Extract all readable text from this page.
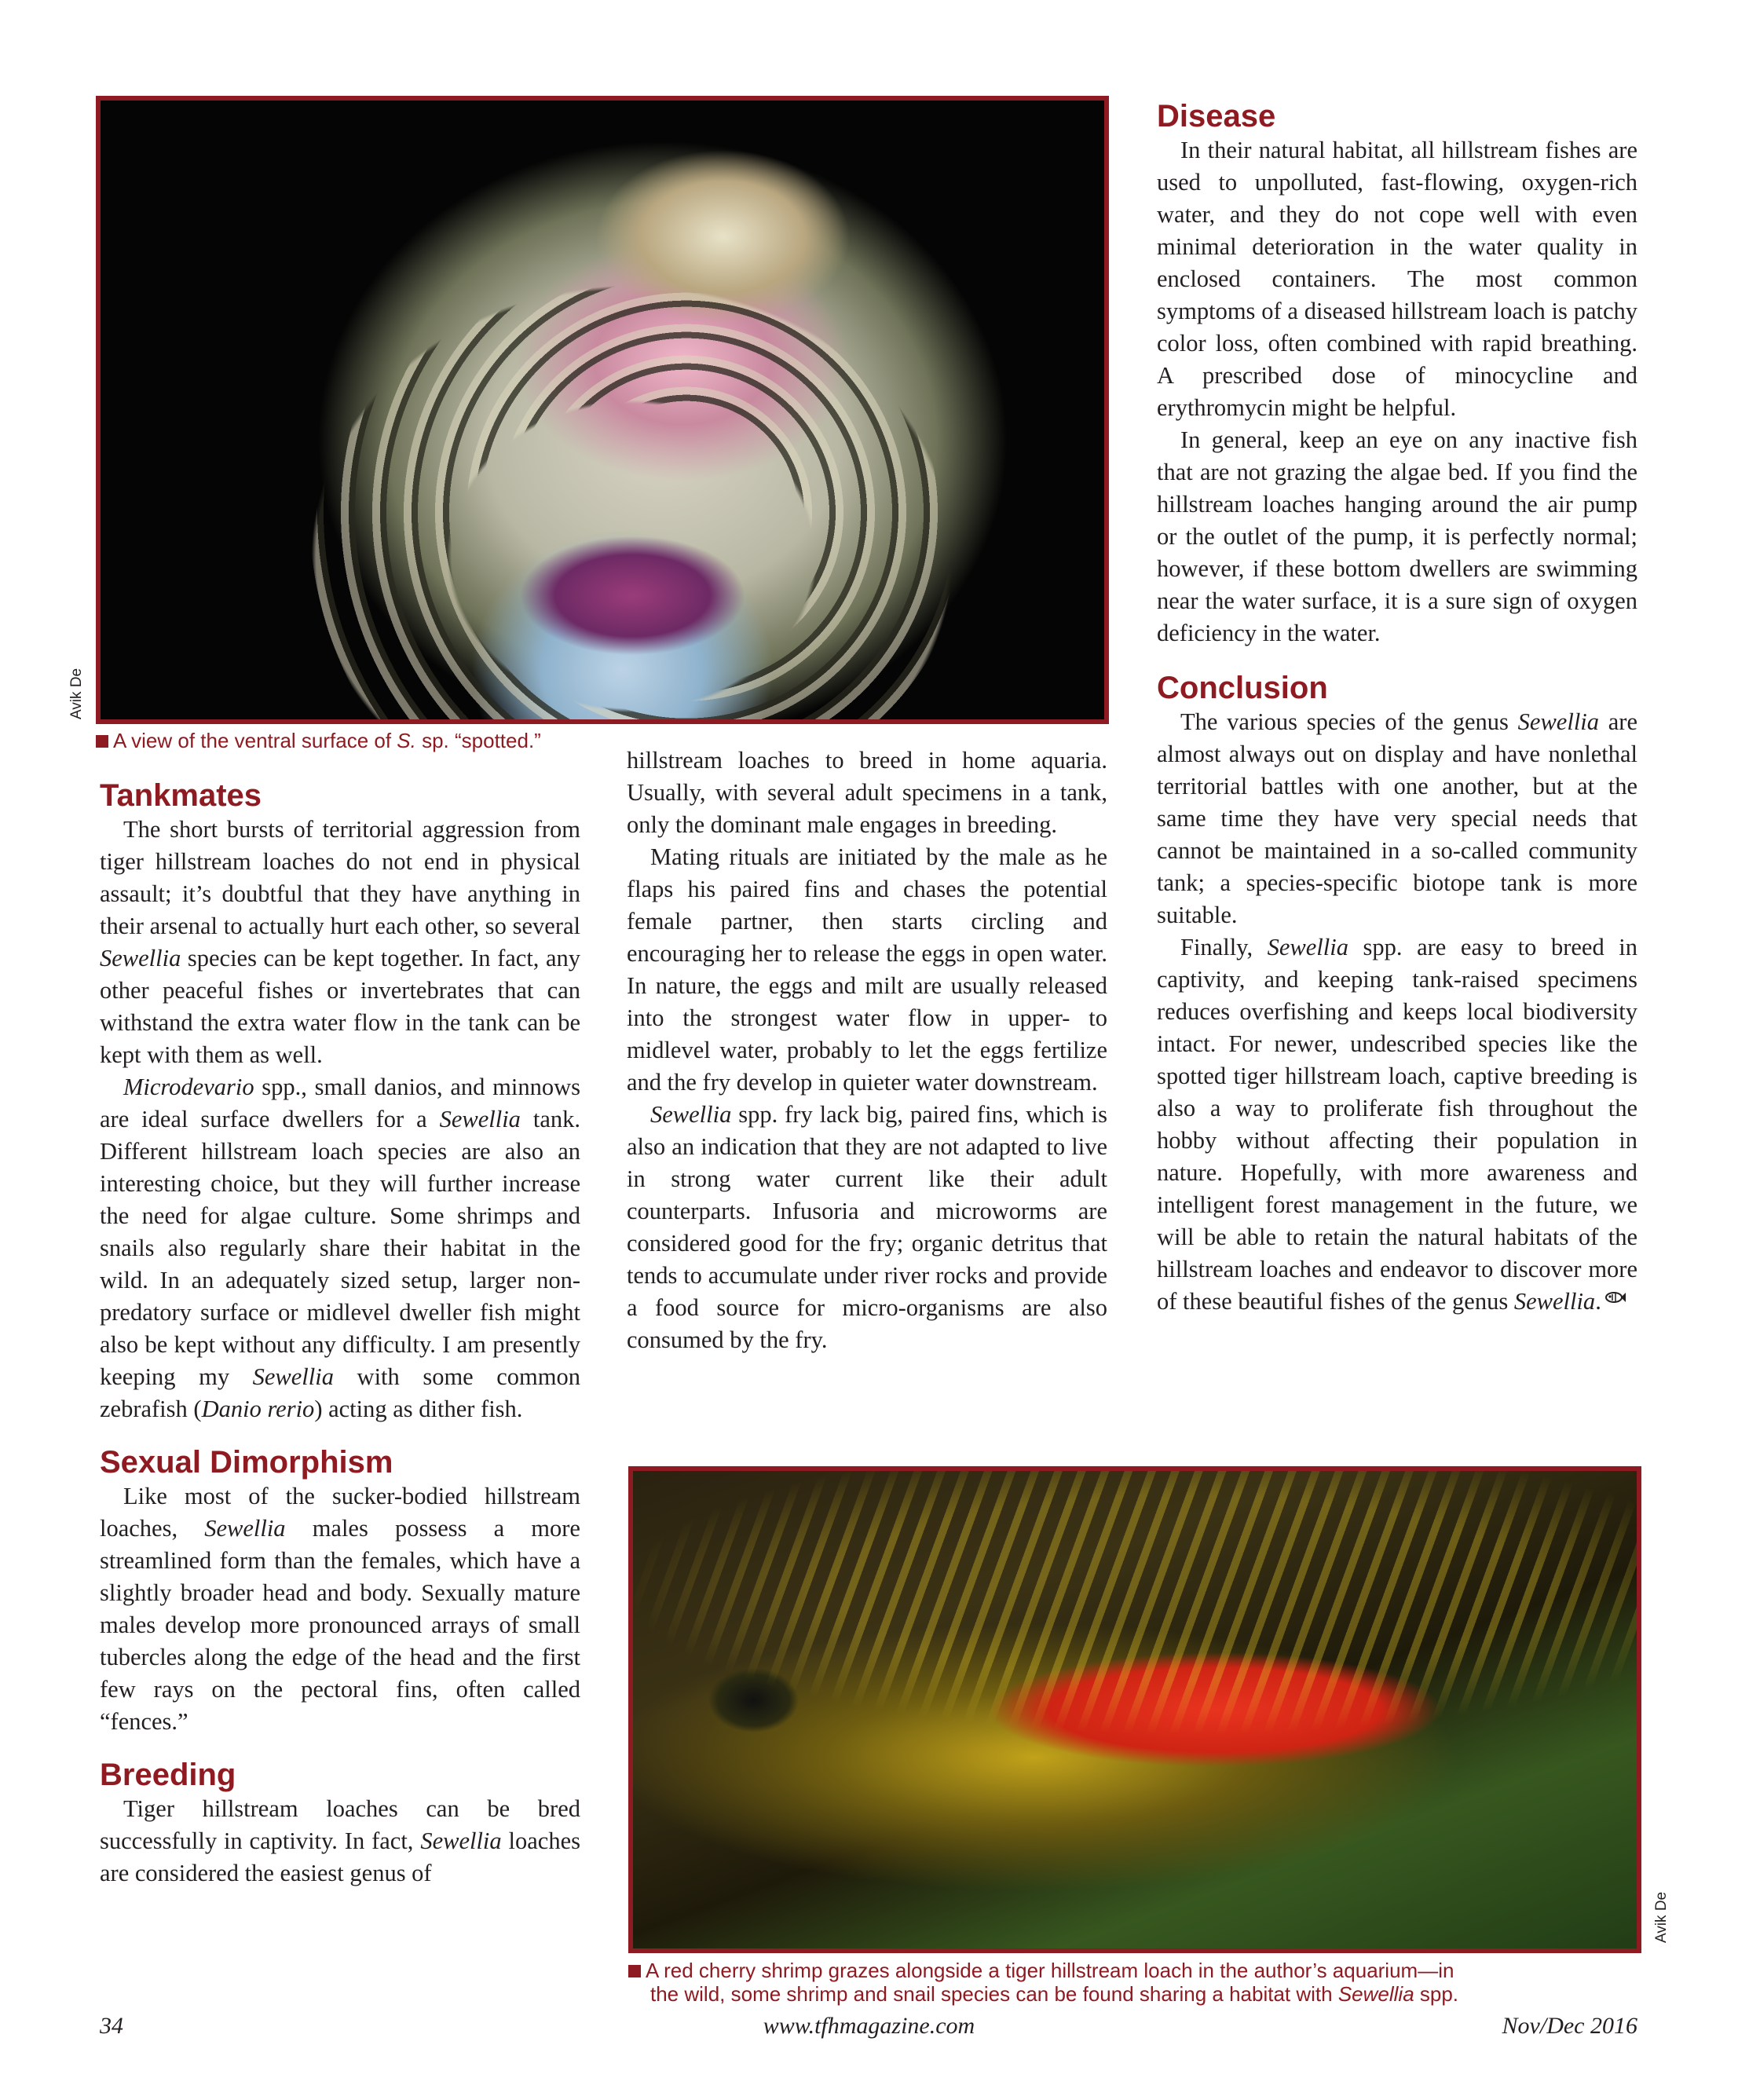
Avik De
A view of the ventral surface of S. sp. “spotted.”
Tankmates

The short bursts of territorial aggression from tiger hillstream loaches do not end in physical assault; it’s doubtful that they have anything in their arsenal to actually hurt each other, so several Sewellia species can be kept together. In fact, any other peaceful fishes or invertebrates that can withstand the extra water flow in the tank can be kept with them as well.

Microdevario spp., small danios, and minnows are ideal surface dwellers for a Sewellia tank. Different hillstream loach species are also an interesting choice, but they will further increase the need for algae culture. Some shrimps and snails also regularly share their habitat in the wild. In an adequately sized setup, larger non-predatory surface or midlevel dweller fish might also be kept without any difficulty. I am presently keeping my Sewellia with some common zebrafish (Danio rerio) acting as dither fish.

Sexual Dimorphism

Like most of the sucker-bodied hillstream loaches, Sewellia males possess a more streamlined form than the females, which have a slightly broader head and body. Sexually mature males develop more pronounced arrays of small tubercles along the edge of the head and the first few rays on the pectoral fins, often called “fences.”

Breeding

Tiger hillstream loaches can be bred successfully in captivity. In fact, Sewellia loaches are considered the easiest genus of

hillstream loaches to breed in home aquaria. Usually, with several adult specimens in a tank, only the dominant male engages in breeding.

Mating rituals are initiated by the male as he flaps his paired fins and chases the potential female partner, then starts circling and encouraging her to release the eggs in open water. In nature, the eggs and milt are usually released into the strongest water flow in upper- to midlevel water, probably to let the eggs fertilize and the fry develop in quieter water downstream.

Sewellia spp. fry lack big, paired fins, which is also an indication that they are not adapted to live in strong water current like their adult counterparts. Infusoria and microworms are considered good for the fry; organic detritus that tends to accumulate under river rocks and provide a food source for micro-organisms are also consumed by the fry.

Disease

In their natural habitat, all hillstream fishes are used to unpolluted, fast-flowing, oxygen-rich water, and they do not cope well with even minimal deterioration in the water quality in enclosed containers. The most common symptoms of a diseased hillstream loach is patchy color loss, often combined with rapid breathing. A prescribed dose of minocycline and erythromycin might be helpful.

In general, keep an eye on any inactive fish that are not grazing the algae bed. If you find the hillstream loaches hanging around the air pump or the outlet of the pump, it is perfectly normal; however, if these bottom dwellers are swimming near the water surface, it is a sure sign of oxygen deficiency in the water.

Conclusion

The various species of the genus Sewellia are almost always out on display and have nonlethal territorial battles with one another, but at the same time they have very special needs that cannot be maintained in a so-called community tank; a species-specific biotope tank is more suitable.

Finally, Sewellia spp. are easy to breed in captivity, and keeping tank-raised specimens reduces overfishing and keeps local biodiversity intact. For newer, undescribed species like the spotted tiger hillstream loach, captive breeding is also a way to proliferate fish throughout the hobby without affecting their population in nature. Hopefully, with more awareness and intelligent forest management in the future, we will be able to retain the natural habitats of the hillstream loaches and endeavor to discover more of these beautiful fishes of the genus Sewellia.

Avik De
A red cherry shrimp grazes alongside a tiger hillstream loach in the author’s aquarium—in
the wild, some shrimp and snail species can be found sharing a habitat with Sewellia spp.
www.tfhmagazine.com
34	Nov/Dec 2016
